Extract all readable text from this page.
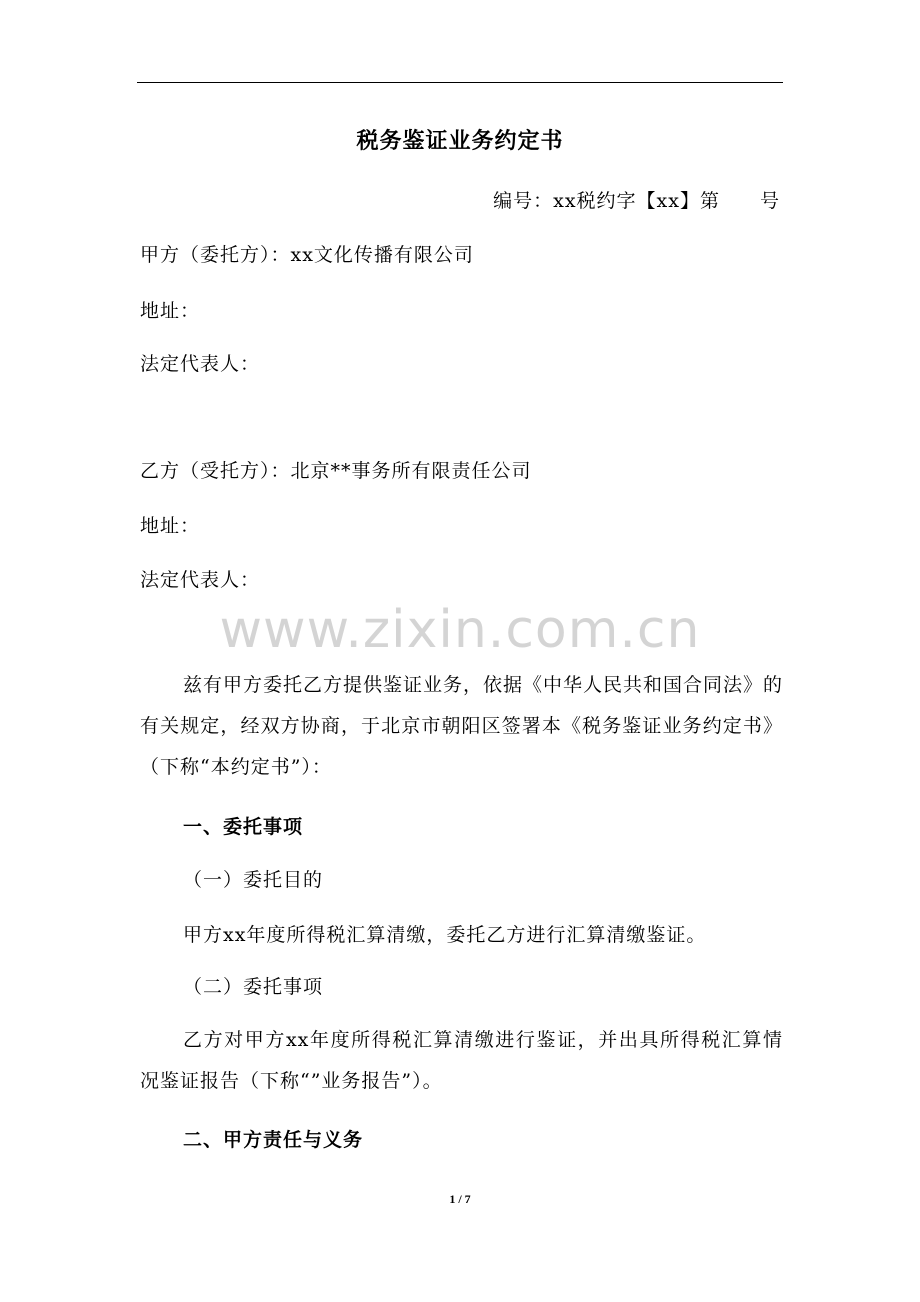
税务鉴证业务约定书
编号：xx税约字【xx】第　　号
甲方（委托方）：xx文化传播有限公司
地址：
法定代表人：
乙方（受托方）：北京**事务所有限责任公司
地址：
法定代表人：
www.zixin.com.cn
兹有甲方委托乙方提供鉴证业务，依据《中华人民共和国合同法》的有关规定，经双方协商，于北京市朝阳区签署本《税务鉴证业务约定书》（下称“本约定书”）：
一、委托事项
（一）委托目的
甲方xx年度所得税汇算清缴，委托乙方进行汇算清缴鉴证。
（二）委托事项
乙方对甲方xx年度所得税汇算清缴进行鉴证，并出具所得税汇算情况鉴证报告（下称“”业务报告”）。
二、甲方责任与义务
1 / 7
